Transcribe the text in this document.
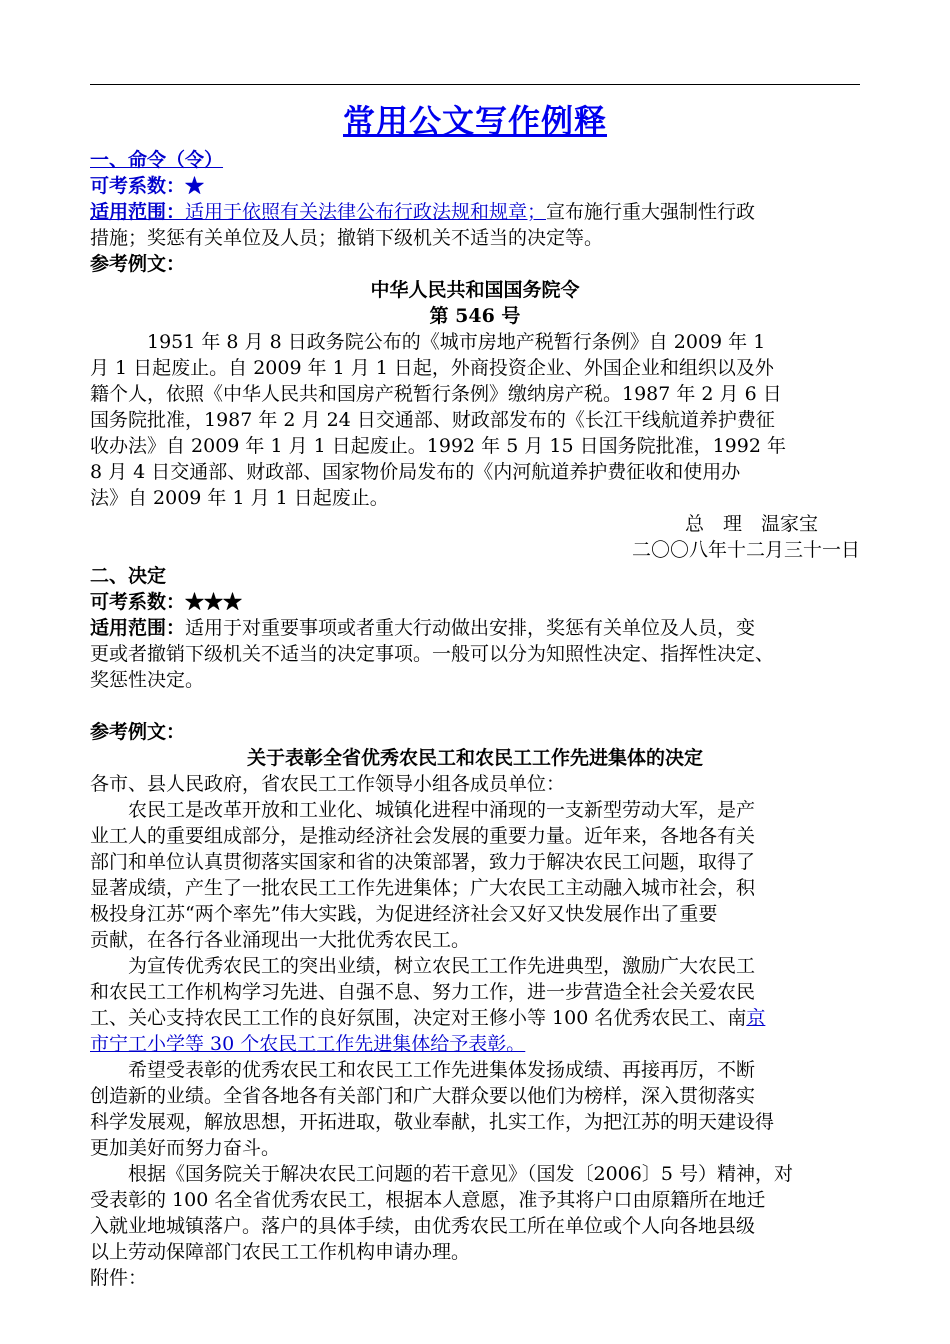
常用公文写作例释
一、命令（令）
可考系数：★
适用范围：适用于依照有关法律公布行政法规和规章；宣布施行重大强制性行政
措施；奖惩有关单位及人员；撤销下级机关不适当的决定等。
参考例文：
中华人民共和国国务院令
第 546 号
1951 年 8 月 8 日政务院公布的《城市房地产税暂行条例》自 2009 年 1
月 1 日起废止。自 2009 年 1 月 1 日起，外商投资企业、外国企业和组织以及外
籍个人，依照《中华人民共和国房产税暂行条例》缴纳房产税。1987 年 2 月 6 日
国务院批准，1987 年 2 月 24 日交通部、财政部发布的《长江干线航道养护费征
收办法》自 2009 年 1 月 1 日起废止。1992 年 5 月 15 日国务院批准，1992 年
8 月 4 日交通部、财政部、国家物价局发布的《内河航道养护费征收和使用办
法》自 2009 年 1 月 1 日起废止。
总　理　温家宝
二〇〇八年十二月三十一日
二、决定
可考系数：★★★
适用范围：适用于对重要事项或者重大行动做出安排，奖惩有关单位及人员，变
更或者撤销下级机关不适当的决定事项。一般可以分为知照性决定、指挥性决定、
奖惩性决定。
参考例文：
关于表彰全省优秀农民工和农民工工作先进集体的决定
各市、县人民政府，省农民工工作领导小组各成员单位：
农民工是改革开放和工业化、城镇化进程中涌现的一支新型劳动大军，是产
业工人的重要组成部分，是推动经济社会发展的重要力量。近年来，各地各有关
部门和单位认真贯彻落实国家和省的决策部署，致力于解决农民工问题，取得了
显著成绩，产生了一批农民工工作先进集体；广大农民工主动融入城市社会，积
极投身江苏“两个率先”伟大实践，为促进经济社会又好又快发展作出了重要
贡献，在各行各业涌现出一大批优秀农民工。
为宣传优秀农民工的突出业绩，树立农民工工作先进典型，激励广大农民工
和农民工工作机构学习先进、自强不息、努力工作，进一步营造全社会关爱农民
工、关心支持农民工工作的良好氛围，决定对王修小等 100 名优秀农民工、南京
市宁工小学等 30 个农民工工作先进集体给予表彰。
希望受表彰的优秀农民工和农民工工作先进集体发扬成绩、再接再厉，不断
创造新的业绩。全省各地各有关部门和广大群众要以他们为榜样，深入贯彻落实
科学发展观，解放思想，开拓进取，敬业奉献，扎实工作，为把江苏的明天建设得
更加美好而努力奋斗。
根据《国务院关于解决农民工问题的若干意见》（国发〔2006〕5 号）精神，对
受表彰的 100 名全省优秀农民工，根据本人意愿，准予其将户口由原籍所在地迁
入就业地城镇落户。落户的具体手续，由优秀农民工所在单位或个人向各地县级
以上劳动保障部门农民工工作机构申请办理。
附件：
